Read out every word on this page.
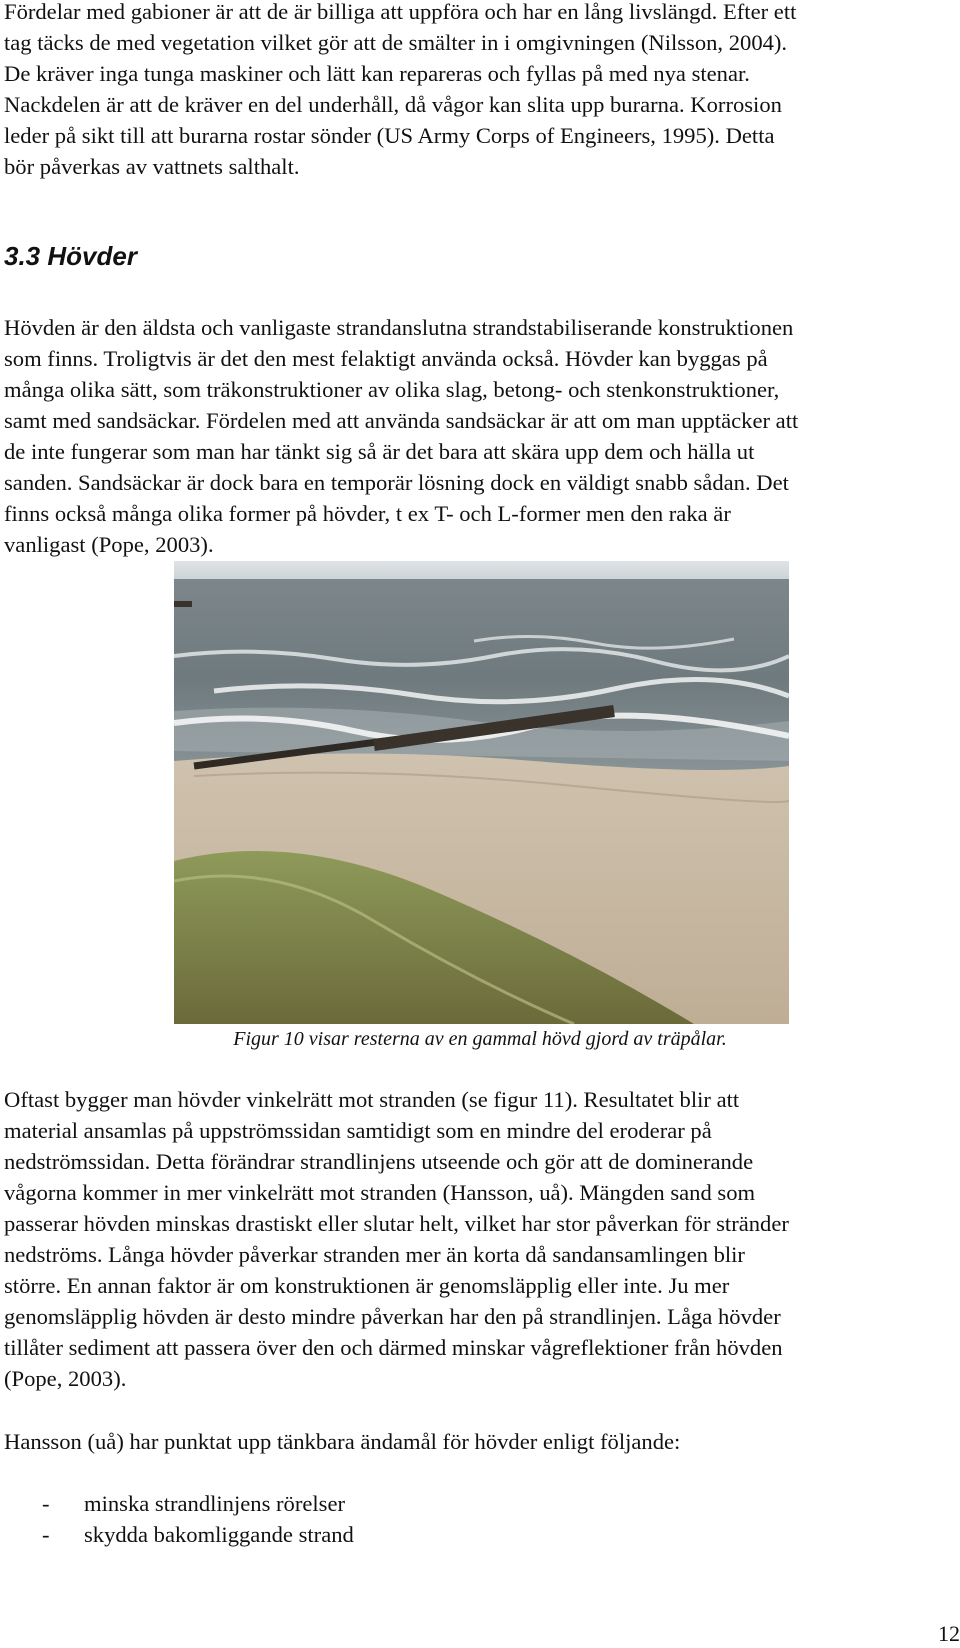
Fördelar med gabioner är att de är billiga att uppföra och har en lång livslängd. Efter ett
tag täcks de med vegetation vilket gör att de smälter in i omgivningen (Nilsson, 2004).
De kräver inga tunga maskiner och lätt kan repareras och fyllas på med nya stenar.
Nackdelen är att de kräver en del underhåll, då vågor kan slita upp burarna. Korrosion
leder på sikt till att burarna rostar sönder (US Army Corps of Engineers, 1995). Detta
bör påverkas av vattnets salthalt.

3.3 Hövder

Hövden är den äldsta och vanligaste strandanslutna strandstabiliserande konstruktionen
som finns. Troligtvis är det den mest felaktigt använda också. Hövder kan byggas på
många olika sätt, som träkonstruktioner av olika slag, betong- och stenkonstruktioner,
samt med sandsäckar. Fördelen med att använda sandsäckar är att om man upptäcker att
de inte fungerar som man har tänkt sig så är det bara att skära upp dem och hälla ut
sanden. Sandsäckar är dock bara en temporär lösning dock en väldigt snabb sådan. Det
finns också många olika former på hövder, t ex T- och L-former men den raka är
vanligast (Pope, 2003).

Figur 10 visar resterna av en gammal hövd gjord av träpålar.

Oftast bygger man hövder vinkelrätt mot stranden (se figur 11). Resultatet blir att
material ansamlas på uppströmssidan samtidigt som en mindre del eroderar på
nedströmssidan. Detta förändrar strandlinjens utseende och gör att de dominerande
vågorna kommer in mer vinkelrätt mot stranden (Hansson, uå). Mängden sand som
passerar hövden minskas drastiskt eller slutar helt, vilket har stor påverkan för stränder
nedströms. Långa hövder påverkar stranden mer än korta då sandansamlingen blir
större. En annan faktor är om konstruktionen är genomsläpplig eller inte. Ju mer
genomsläpplig hövden är desto mindre påverkan har den på strandlinjen. Låga hövder
tillåter sediment att passera över den och därmed minskar vågreflektioner från hövden
(Pope, 2003).

Hansson (uå) har punktat upp tänkbara ändamål för hövder enligt följande:

- minska strandlinjens rörelser
- skydda bakomliggande strand
12
